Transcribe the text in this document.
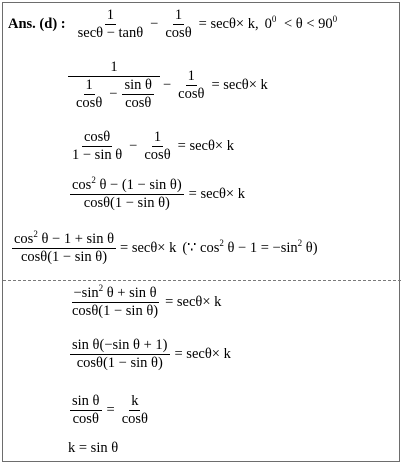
Ans. (d) : $\frac{1}{\sec\theta - \tan\theta} - \frac{1}{\cos\theta} = \sec\theta\times k$, $0^0 < \theta < 90^0$
1
$\frac{1}{\cos\theta} - \frac{\text{sin θ}}{\cos\theta} - \frac{1}{\cos\theta} = \sec\theta\times k$
$\frac{\cos\theta}{\text{1 − sin θ}} - \frac{1}{\cos\theta} = \sec\theta\times k$
$\frac{\cos^2 \theta - (1 - \sin \theta)}{\text{cosθ(1 − sin θ)}} = \sec\theta\times k$
$\frac{\cos^2 \theta - 1 + \sin \theta}{\text{cosθ(1 − sin θ)}} = \sec\theta\times k$ (∵ $\cos^2 \theta - 1 = -\sin^2$ θ)
$\frac{-\sin^2 \theta + \sin \theta}{\text{cosθ(1 − sin θ)}} = \sec\theta\times k$
$\frac{\text{sin θ(−sin θ + 1)}}{\text{cosθ(1 − sin θ)}} = \sec\theta\times k$
$\frac{\text{sin θ}}{\cos\theta} = \frac{k}{\cos\theta}$
k = sin θ
